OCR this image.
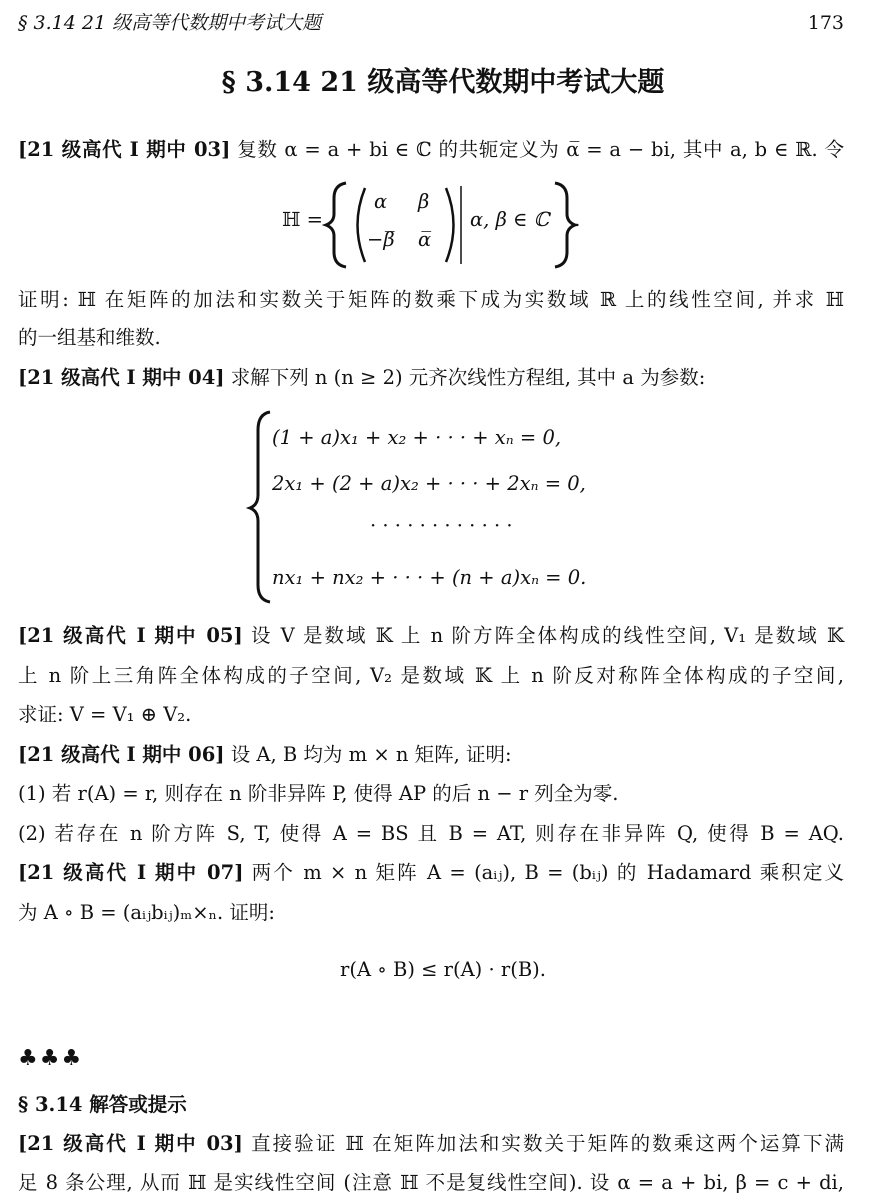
§ 3.14 21 级高等代数期中考试大题	173
§ 3.14 21 级高等代数期中考试大题
[21 级高代 I 期中 03] 复数 α = a + bi ∈ ℂ 的共轭定义为 α̅ = a − bi, 其中 a, b ∈ ℝ. 令
ℍ =
α β
−β̅ α̅
α, β ∈ ℂ .
证明: ℍ 在矩阵的加法和实数关于矩阵的数乘下成为实数域 ℝ 上的线性空间, 并求 ℍ
的一组基和维数.
[21 级高代 I 期中 04] 求解下列 n (n ≥ 2) 元齐次线性方程组, 其中 a 为参数:
(1 + a)x₁ + x₂ + · · · + xₙ = 0,
2x₁ + (2 + a)x₂ + · · · + 2xₙ = 0,
· · · · · · · · · · · ·
nx₁ + nx₂ + · · · + (n + a)xₙ = 0.
[21 级高代 I 期中 05] 设 V 是数域 𝕂 上 n 阶方阵全体构成的线性空间, V₁ 是数域 𝕂
上 n 阶上三角阵全体构成的子空间, V₂ 是数域 𝕂 上 n 阶反对称阵全体构成的子空间,
求证: V = V₁ ⊕ V₂.
[21 级高代 I 期中 06] 设 A, B 均为 m × n 矩阵, 证明:
(1) 若 r(A) = r, 则存在 n 阶非异阵 P, 使得 AP 的后 n − r 列全为零.
(2) 若存在 n 阶方阵 S, T, 使得 A = BS 且 B = AT, 则存在非异阵 Q, 使得 B = AQ.
[21 级高代 I 期中 07] 两个 m × n 矩阵 A = (aᵢⱼ), B = (bᵢⱼ) 的 Hadamard 乘积定义
为 A ∘ B = (aᵢⱼbᵢⱼ)ₘ×ₙ. 证明:
r(A ∘ B) ≤ r(A) · r(B).
♣♣♣
§ 3.14 解答或提示
[21 级高代 I 期中 03] 直接验证 ℍ 在矩阵加法和实数关于矩阵的数乘这两个运算下满
足 8 条公理, 从而 ℍ 是实线性空间 (注意 ℍ 不是复线性空间). 设 α = a + bi, β = c + di,
